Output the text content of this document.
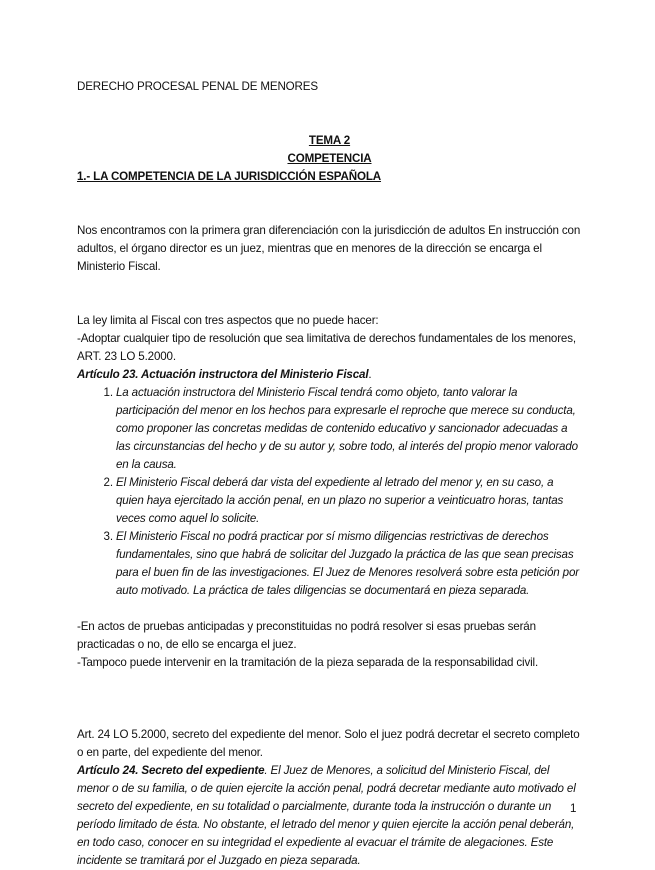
DERECHO PROCESAL PENAL DE MENORES

TEMA 2

COMPETENCIA

1.- LA COMPETENCIA DE LA JURISDICCIÓN ESPAÑOLA

Nos encontramos con la primera gran diferenciación con la jurisdicción de adultos En instrucción con adultos, el órgano director es un juez, mientras que en menores de la dirección se encarga el Ministerio Fiscal.

La ley limita al Fiscal con tres aspectos que no puede hacer:

-Adoptar cualquier tipo de resolución que sea limitativa de derechos fundamentales de los menores, ART. 23 LO 5.2000.

Artículo 23. Actuación instructora del Ministerio Fiscal.

1. La actuación instructora del Ministerio Fiscal tendrá como objeto, tanto valorar la participación del menor en los hechos para expresarle el reproche que merece su conducta, como proponer las concretas medidas de contenido educativo y sancionador adecuadas a las circunstancias del hecho y de su autor y, sobre todo, al interés del propio menor valorado en la causa.
2. El Ministerio Fiscal deberá dar vista del expediente al letrado del menor y, en su caso, a quien haya ejercitado la acción penal, en un plazo no superior a veinticuatro horas, tantas veces como aquel lo solicite.
3. El Ministerio Fiscal no podrá practicar por sí mismo diligencias restrictivas de derechos fundamentales, sino que habrá de solicitar del Juzgado la práctica de las que sean precisas para el buen fin de las investigaciones. El Juez de Menores resolverá sobre esta petición por auto motivado. La práctica de tales diligencias se documentará en pieza separada.

-En actos de pruebas anticipadas y preconstituidas no podrá resolver si esas pruebas serán practicadas o no, de ello se encarga el juez.

-Tampoco puede intervenir en la tramitación de la pieza separada de la responsabilidad civil.

Art. 24 LO 5.2000, secreto del expediente del menor. Solo el juez podrá decretar el secreto completo o en parte, del expediente del menor.

Artículo 24. Secreto del expediente. El Juez de Menores, a solicitud del Ministerio Fiscal, del menor o de su familia, o de quien ejercite la acción penal, podrá decretar mediante auto motivado el secreto del expediente, en su totalidad o parcialmente, durante toda la instrucción o durante un período limitado de ésta. No obstante, el letrado del menor y quien ejercite la acción penal deberán, en todo caso, conocer en su integridad el expediente al evacuar el trámite de alegaciones. Este incidente se tramitará por el Juzgado en pieza separada.

1
